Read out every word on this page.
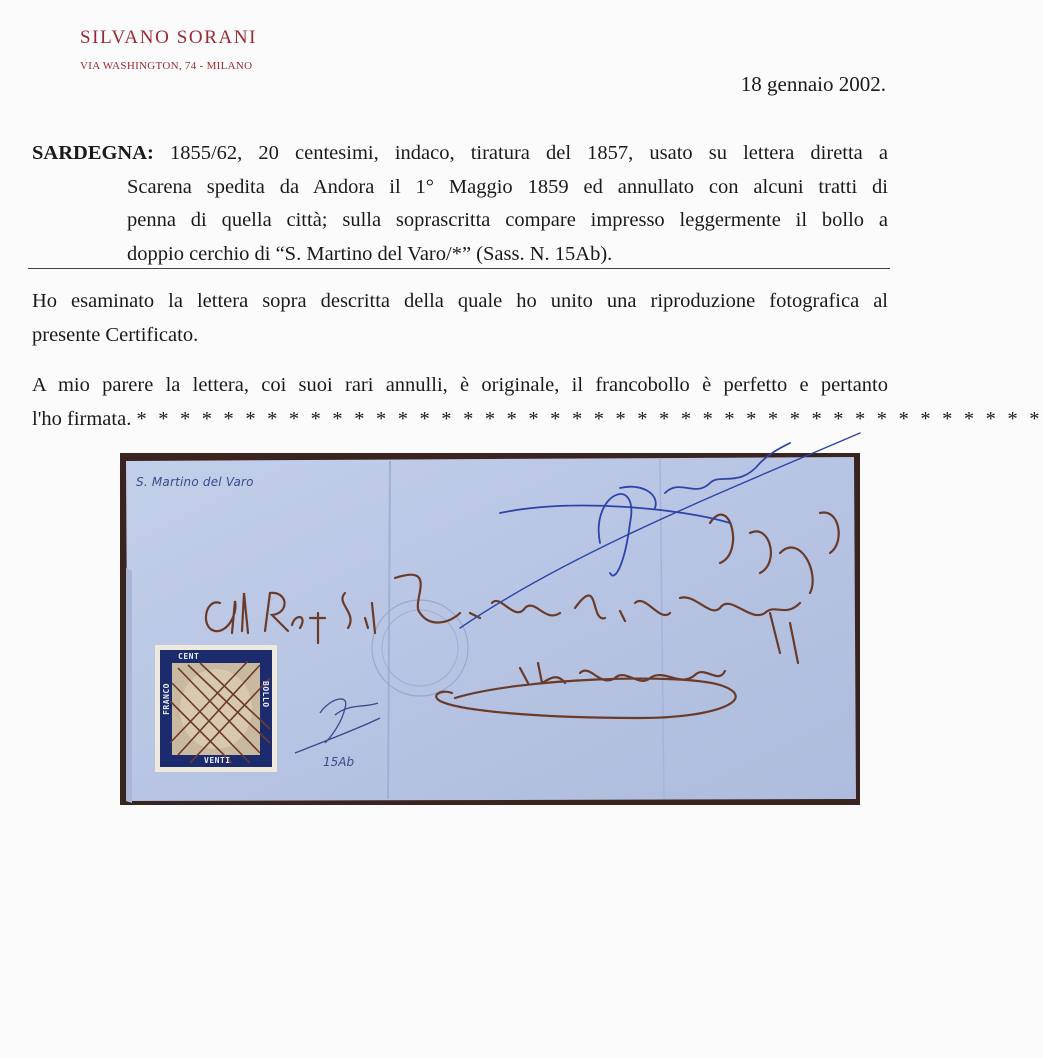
SILVANO SORANI
VIA WASHINGTON, 74 - MILANO
18 gennaio 2002.
SARDEGNA: 1855/62, 20 centesimi, indaco, tiratura del 1857, usato su lettera diretta a
Scarena spedita da Andora il 1° Maggio 1859 ed annullato con alcuni tratti di
penna di quella città; sulla soprascritta compare impresso leggermente il bollo a
doppio cerchio di “S. Martino del Varo/*” (Sass. N. 15Ab).
Ho esaminato la lettera sopra descritta della quale ho unito una riproduzione fotografica al
presente Certificato.
A mio parere la lettera, coi suoi rari annulli, è originale, il francobollo è perfetto e pertanto
l'ho firmata. * * * * * * * * * * * * * * * * * * * * * * * * * * * * * * * * * * * * * * * * * *
S. Martino del Varo
15Ab
CENT
VENTI
BOLLO
FRANCO
